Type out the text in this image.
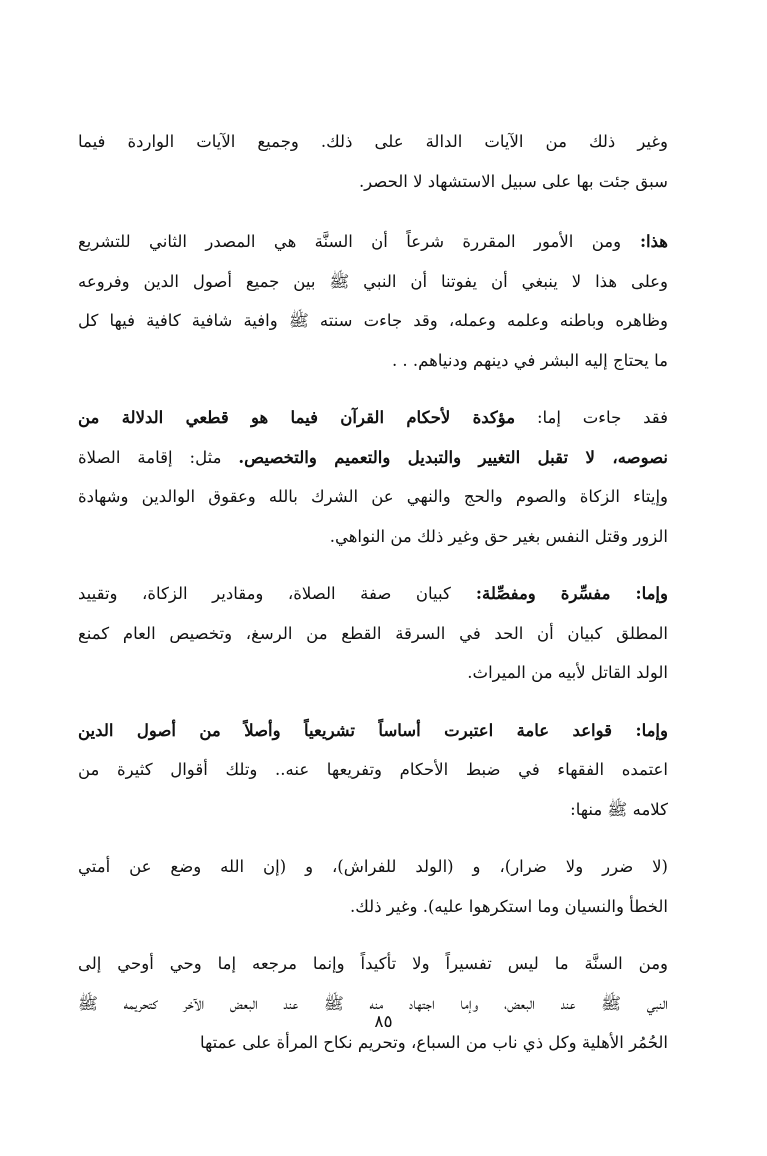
وغير ذلك من الآيات الدالة على ذلك. وجميع الآيات الواردة فيما
سبق جئت بها على سبيل الاستشهاد لا الحصر.
هذا: ومن الأمور المقررة شرعاً أن السنَّة هي المصدر الثاني للتشريع
وعلى هذا لا ينبغي أن يفوتنا أن النبي ﷺ بين جميع أصول الدين وفروعه
وظاهره وباطنه وعلمه وعمله، وقد جاءت سنته ﷺ وافية شافية كافية فيها كل
ما يحتاج إليه البشر في دينهم ودنياهم. . .
فقد جاءت إما: مؤكدة لأحكام القرآن فيما هو قطعي الدلالة من
نصوصه، لا تقبل التغيير والتبديل والتعميم والتخصيص. مثل: إقامة الصلاة
وإيتاء الزكاة والصوم والحج والنهي عن الشرك بالله وعقوق الوالدين وشهادة
الزور وقتل النفس بغير حق وغير ذلك من النواهي.
وإما: مفسِّرة ومفصِّلة: كبيان صفة الصلاة، ومقادير الزكاة، وتقييد
المطلق كبيان أن الحد في السرقة القطع من الرسغ، وتخصيص العام كمنع
الولد القاتل لأبيه من الميراث.
وإما: قواعد عامة اعتبرت أساساً تشريعياً وأصلاً من أصول الدين
اعتمده الفقهاء في ضبط الأحكام وتفريعها عنه.. وتلك أقوال كثيرة من
كلامه ﷺ منها:
(لا ضرر ولا ضرار)، و (الولد للفراش)، و (إن الله وضع عن أمتي
الخطأ والنسيان وما استكرهوا عليه). وغير ذلك.
ومن السنَّة ما ليس تفسيراً ولا تأكيداً وإنما مرجعه إما وحي أوحي إلى
النبي ﷺ عند البعض، وإما اجتهاد منه ﷺ عند البعض الآخر كتحريمه ﷺ
الحُمُر الأهلية وكل ذي ناب من السباع، وتحريم نكاح المرأة على عمتها
٨٥
